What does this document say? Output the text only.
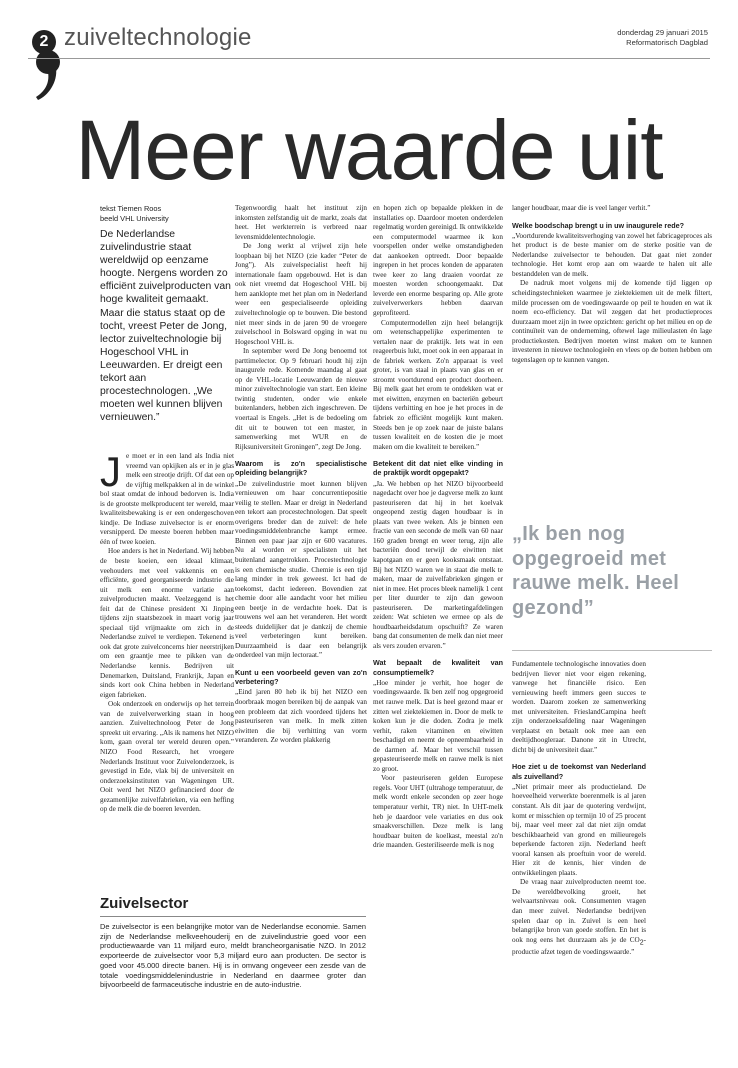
2 zuiveltechnologie	donderdag 29 januari 2015
Reformatorisch Dagblad
Meer waarde uit
tekst Tiemen Roos
beeld VHL University

De Nederlandse zuivelindustrie staat wereldwijd op eenzame hoogte. Nergens worden zo efficiënt zuivelproducten van hoge kwaliteit gemaakt. Maar die status staat op de tocht, vreest Peter de Jong, lector zuiveltechnologie bij Hogeschool VHL in Leeuwarden. Er dreigt een tekort aan procestechnologen. „We moeten wel kunnen blijven vernieuwen.”

Je moet er in een land als India niet vreemd van opkijken als er in je glas melk een streotje drijft. Of dat een op de vijftig melkpakken al in de winkel bol staat omdat de inhoud bedorven is. India is de grootste melkproducent ter wereld, maar kwaliteitsbewaking is er een ondergeschoven kindje. De Indiase zuivelsector is er enorm versnipperd. De meeste boeren hebben maar één of twee koeien.

Hoe anders is het in Nederland. Wij hebben de beste koeien, een ideaal klimaat, veehouders met veel vakkennis en een efficiënte, goed georganiseerde industrie die uit melk een enorme variatie aan zuivelproducten maakt. Veelzeggend is het feit dat de Chinese president Xi Jinping tijdens zijn staatsbezoek in maart vorig jaar speciaal tijd vrijmaakte om zich in de Nederlandse zuivel te verdiepen. Tekenend is ook dat grote zuivelconcerns hier neerstrijken om een graantje mee te pikken van de Nederlandse kennis. Bedrijven uit Denemarken, Duitsland, Frankrijk, Japan en sinds kort ook China hebben in Nederland eigen fabrieken.

Ook onderzoek en onderwijs op het terrein van de zuivelverwerking staan in hoog aanzien. Zuiveltechnoloog Peter de Jong spreekt uit ervaring. „Als ik namens het NIZO kom, gaan overal ter wereld deuren open.” NIZO Food Research, het vroegere Nederlands Instituut voor Zuivelonderzoek, is gevestigd in Ede, vlak bij de universiteit en onderzoeksinstituten van Wageningen UR. Ooit werd het NIZO gefinancierd door de gezamenlijke zuivelfabrieken, via een heffing op de melk die de boeren leverden.

Tegenwoordig haalt het instituut zijn inkomsten zelfstandig uit de markt, zoals dat heet. Het werkterrein is verbreed naar levensmiddelentechnologie.

De Jong werkt al vrijwel zijn hele loopbaan bij het NIZO (zie kader “Peter de Jong”). Als zuivelspecialist heeft hij internationale faam opgebouwd. Het is dan ook niet vreemd dat Hogeschool VHL bij hem aanklopte met het plan om in Nederland weer een gespecialiseerde opleiding zuiveltechnologie op te bouwen. Die bestond niet meer sinds in de jaren 90 de vroegere zuivelschool in Bolsward opging in wat nu Hogeschool VHL is.

In september werd De Jong benoemd tot parttimelector. Op 9 februari houdt hij zijn inaugurele rede. Komende maandag al gaat op de VHL-locatie Leeuwarden de nieuwe minor zuiveltechnologie van start. Een kleine twintig studenten, onder wie enkele buitenlanders, hebben zich ingeschreven. De voertaal is Engels. „Het is de bedoeling om dit uit te bouwen tot een master, in samenwerking met WUR en de Rijksuniversiteit Groningen”, zegt De Jong.

Waarom is zo'n specialistische opleiding belangrijk?

„De zuivelindustrie moet kunnen blijven vernieuwen om haar concurrentiepositie veilig te stellen. Maar er dreigt in Nederland een tekort aan procestechnologen. Dat speelt overigens breder dan de zuivel: de hele voedingsmiddelenbranche kampt ermee. Binnen een paar jaar zijn er 600 vacatures. Nu al worden er specialisten uit het buitenland aangetrokken. Procestechnologie is een chemische studie. Chemie is een tijd lang minder in trek geweest. Ict had de toekomst, dacht iedereen. Bovendien zat chemie door alle aandacht voor het milieu een beetje in de verdachte hoek. Dat is trouwens wel aan het veranderen. Het wordt steeds duidelijker dat je dankzij de chemie veel verbeteringen kunt bereiken. Duurzaamheid is daar een belangrijk onderdeel van mijn lectoraat.”

Kunt u een voorbeeld geven van zo'n verbetering?

„Eind jaren 80 heb ik bij het NIZO een doorbraak mogen bereiken bij de aanpak van een probleem dat zich voordeed tijdens het pasteuriseren van melk. In melk zitten eiwitten die bij verhitting van vorm veranderen. Ze worden plakkerig

en hopen zich op bepaalde plekken in de installaties op. Daardoor moeten onderdelen regelmatig worden gereinigd. Ik ontwikkelde een computermodel waarmee ik kon voorspellen onder welke omstandigheden dat aankoeken optreedt. Door bepaalde ingrepen in het proces konden de apparaten twee keer zo lang draaien voordat ze moesten worden schoongemaakt. Dat leverde een enorme besparing op. Alle grote zuivelverwerkers hebben daarvan geprofiteerd.

Computermodellen zijn heel belangrijk om wetenschappelijke experimenten te vertalen naar de praktijk. Iets wat in een reageerbuis lukt, moet ook in een apparaat in de fabriek werken. Zo'n apparaat is veel groter, is van staal in plaats van glas en er stroomt voortdurend een product doorheen. Bij melk gaat het erom te ontdekken wat er met eiwitten, enzymen en bacteriën gebeurt tijdens verhitting en hoe je het proces in de fabriek zo efficiënt mogelijk kunt maken. Steeds ben je op zoek naar de juiste balans tussen kwaliteit en de kosten die je moet maken om die kwaliteit te bereiken.”

Betekent dit dat niet elke vinding in de praktijk wordt opgepakt?

„Ja. We hebben op het NIZO bijvoorbeeld nagedacht over hoe je dagverse melk zo kunt pasteuriseren dat hij in het koelvak ongeopend zestig dagen houdbaar is in plaats van twee weken. Als je binnen een fractie van een seconde de melk van 60 naar 160 graden brengt en weer terug, zijn alle bacteriën dood terwijl de eiwitten niet kapotgaan en er geen kooksmaak ontstaat. Bij het NIZO waren we in staat die melk te maken, maar de zuivelfabrieken gingen er niet in mee. Het proces bleek namelijk 1 cent per liter duurder te zijn dan gewoon pasteuriseren. De marketingafdelingen zeiden: Wat schieten we ermee op als de houdbaarheidsdatum opschuift? Ze waren bang dat consumenten de melk dan niet meer als vers zouden ervaren.”

Wat bepaalt de kwaliteit van consumptiemelk?

„Hoe minder je verhit, hoe hoger de voedingswaarde. Ik ben zelf nog opgegroeid met rauwe melk. Dat is heel gezond maar er zitten wel ziektekiemen in. Door de melk te koken kun je die doden. Zodra je melk verhit, raken vitaminen en eiwitten beschadigd en neemt de opneembaarheid in de darmen af. Maar het verschil tussen gepasteuriseerde melk en rauwe melk is niet zo groot.

Voor pasteuriseren gelden Europese regels. Voor UHT (ultrahoge temperatuur, de melk wordt enkele seconden op zeer hoge temperatuur verhit, TR) niet. In UHT-melk heb je daardoor vele variaties en dus ook smaakverschillen. Deze melk is lang houdbaar buiten de koelkast, meestal zo'n drie maanden. Gesteriliseerde melk is nog

langer houdbaar, maar die is veel langer verhit.”

Welke boodschap brengt u in uw inaugurele rede?

„Voortdurende kwaliteitsverhoging van zowel het fabricageproces als het product is de beste manier om de sterke positie van de Nederlandse zuivelsector te behouden. Dat gaat niet zonder technologie. Het komt erop aan om waarde te halen uit alle bestanddelen van de melk.

De nadruk moet volgens mij de komende tijd liggen op scheidingstechnieken waarmee je ziektekiemen uit de melk filtert, milde processen om de voedingswaarde op peil te houden en wat ik noem eco-efficiency. Dat wil zeggen dat het productieproces duurzaam moet zijn in twee opzichten: gericht op het milieu en op de continuïteit van de onderneming, oftewel lage milieulasten én lage productiekosten. Bedrijven moeten winst maken om te kunnen investeren in nieuwe technologieën en vlees op de botten hebben om tegenslagen op te kunnen vangen.

„Ik ben nog opgegroeid met rauwe melk. Heel gezond”

Fundamentele technologische innovaties doen bedrijven liever niet voor eigen rekening, vanwege het financiële risico. Een vernieuwing heeft immers geen succes te worden. Daarom zoeken ze samenwerking met universiteiten. FrieslandCampina heeft zijn onderzoeksafdeling naar Wageningen verplaatst en betaalt ook mee aan een deeltijdhoogleraar. Danone zit in Utrecht, dicht bij de universiteit daar.”

Hoe ziet u de toekomst van Nederland als zuivelland?

„Niet primair meer als productieland. De hoeveelheid verwerkte boerenmelk is al jaren constant. Als dit jaar de quotering verdwijnt, komt er misschien op termijn 10 of 25 procent bij, maar veel meer zal dat niet zijn omdat beschikbaarheid van grond en milieuregels beperkende factoren zijn. Nederland heeft vooral kansen als proeftuin voor de wereld. Hier zit de kennis, hier vinden de ontwikkelingen plaats.

De vraag naar zuivelproducten neemt toe. De wereldbevolking groeit, het welvaartsniveau ook. Consumenten vragen dan meer zuivel. Nederlandse bedrijven spelen daar op in. Zuivel is een heel belangrijke bron van goede stoffen. En het is ook nog eens het duurzaam als je de $CO_2$-productie afzet tegen de voedingswaarde.”

Zuivelsector
De zuivelsector is een belangrijke motor van de Nederlandse economie. Samen zijn de Nederlandse melkveehouderij en de zuivelindustrie goed voor een productiewaarde van 11 miljard euro, meldt brancheorganisatie NZO. In 2012 exporteerde de zuivelsector voor 5,3 miljard euro aan producten. De sector is goed voor 45.000 directe banen. Hij is in omvang ongeveer een zesde van de totale voedingsmiddelenindustrie in Nederland en daarmee groter dan bijvoorbeeld de farmaceutische industrie en de auto-industrie.
